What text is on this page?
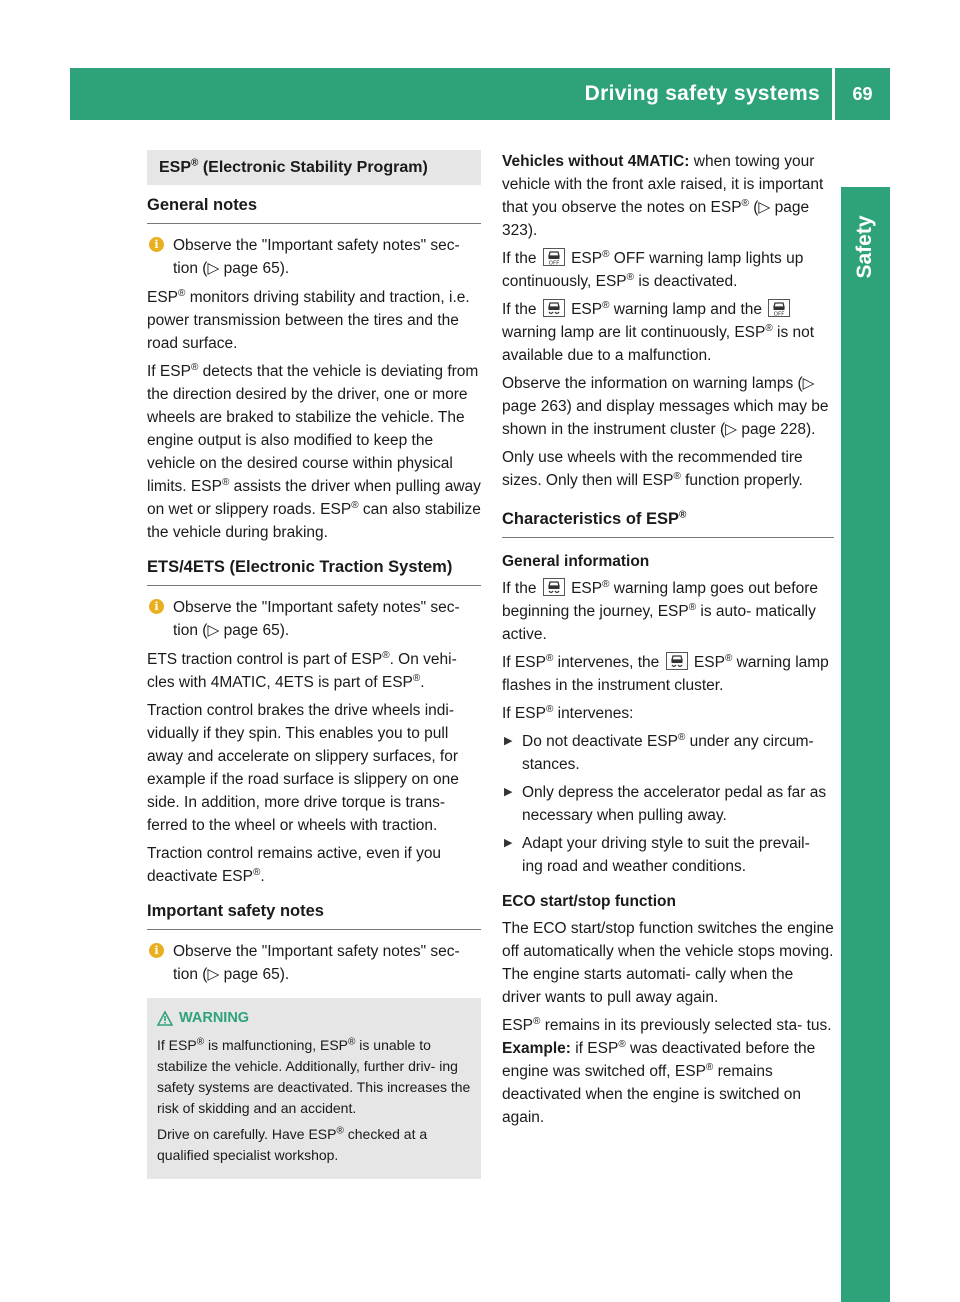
Driving safety systems	69
Safety
ESP® (Electronic Stability Program)
General notes
i Observe the "Important safety notes" sec- tion (▷ page 65).

ESP® monitors driving stability and traction, i.e. power transmission between the tires and the road surface.

If ESP® detects that the vehicle is deviating from the direction desired by the driver, one or more wheels are braked to stabilize the vehicle. The engine output is also modified to keep the vehicle on the desired course within physical limits. ESP® assists the driver when pulling away on wet or slippery roads. ESP® can also stabilize the vehicle during braking.

ETS/4ETS (Electronic Traction System)
i Observe the "Important safety notes" sec- tion (▷ page 65).

ETS traction control is part of ESP®. On vehi- cles with 4MATIC, 4ETS is part of ESP®.

Traction control brakes the drive wheels indi- vidually if they spin. This enables you to pull away and accelerate on slippery surfaces, for example if the road surface is slippery on one side. In addition, more drive torque is trans- ferred to the wheel or wheels with traction.

Traction control remains active, even if you deactivate ESP®.

Important safety notes
i Observe the "Important safety notes" sec- tion (▷ page 65).
WARNING

If ESP® is malfunctioning, ESP® is unable to stabilize the vehicle. Additionally, further driv- ing safety systems are deactivated. This increases the risk of skidding and an accident.

Drive on carefully. Have ESP® checked at a qualified specialist workshop.

Vehicles without 4MATIC: when towing your vehicle with the front axle raised, it is important that you observe the notes on ESP® (▷ page 323).

If the OFF ESP® OFF warning lamp lights up continuously, ESP® is deactivated.

If the
ESP® warning lamp and the OFF
warning lamp are lit continuously, ESP® is not available due to a malfunction.

Observe the information on warning lamps (▷ page 263) and display messages which may be shown in the instrument cluster (▷ page 228).

Only use wheels with the recommended tire sizes. Only then will ESP® function properly.

Characteristics of ESP®
General information

If the
ESP® warning lamp goes out before beginning the journey, ESP® is auto- matically active.

If ESP® intervenes, the
ESP® warning lamp flashes in the instrument cluster.

If ESP® intervenes:

▶ Do not deactivate ESP® under any circum- stances.
▶ Only depress the accelerator pedal as far as necessary when pulling away.
▶ Adapt your driving style to suit the prevail- ing road and weather conditions.
ECO start/stop function

The ECO start/stop function switches the engine off automatically when the vehicle stops moving. The engine starts automati- cally when the driver wants to pull away again.

ESP® remains in its previously selected sta- tus. Example: if ESP® was deactivated before the engine was switched off, ESP® remains deactivated when the engine is switched on again.
